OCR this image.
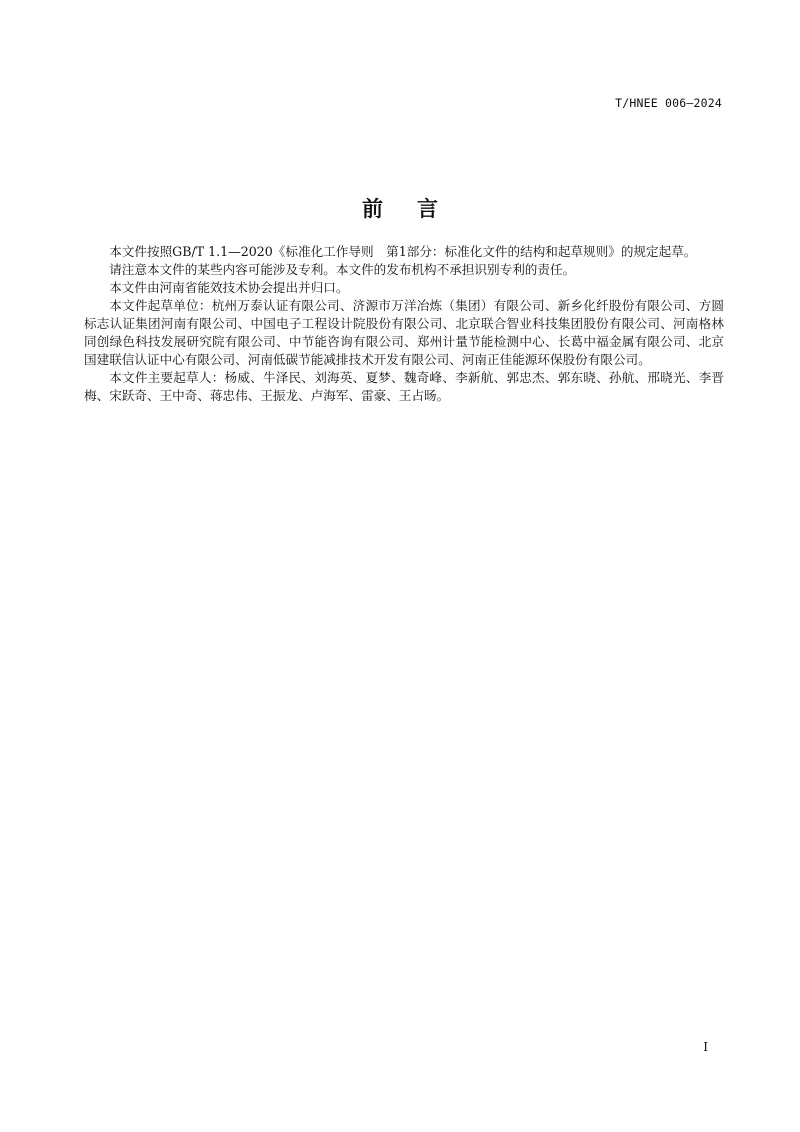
T/HNEE 006—2024
前言

本文件按照GB/T 1.1—2020《标准化工作导则　第1部分：标准化文件的结构和起草规则》的规定起草。

请注意本文件的某些内容可能涉及专利。本文件的发布机构不承担识别专利的责任。

本文件由河南省能效技术协会提出并归口。

本文件起草单位：杭州万泰认证有限公司、济源市万洋冶炼（集团）有限公司、新乡化纤股份有限公司、方圆标志认证集团河南有限公司、中国电子工程设计院股份有限公司、北京联合智业科技集团股份有限公司、河南格林同创绿色科技发展研究院有限公司、中节能咨询有限公司、郑州计量节能检测中心、长葛中福金属有限公司、北京国建联信认证中心有限公司、河南低碳节能减排技术开发有限公司、河南正佳能源环保股份有限公司。

本文件主要起草人：杨威、牛泽民、刘海英、夏梦、魏奇峰、李新航、郭忠杰、郭东晓、孙航、邢晓光、李晋梅、宋跃奇、王中奇、蒋忠伟、王振龙、卢海军、雷豪、王占旸。

I
